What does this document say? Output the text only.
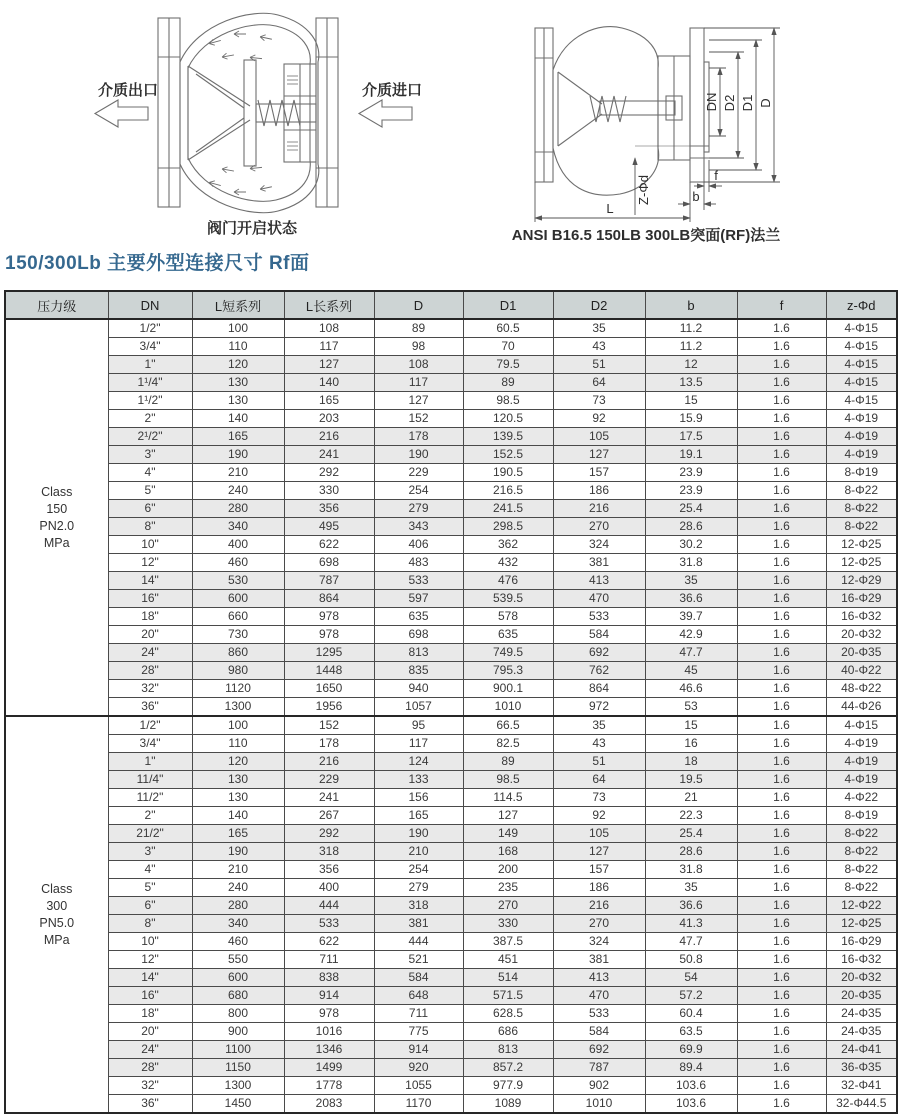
介质出口	介质进口
阀门开启状态
DN D2 D1 D
Z-Φd	b
f
L
ANSI B16.5 150LB 300LB突面(RF)法兰
150/300Lb 主要外型连接尺寸 Rf面
压力级	DN	L短系列	L长系列	D	D1	D2	b	f	z-Φd

Class
150
PN2.0
MPa	1/2"	100	108	89	60.5	35	11.2	1.6	4-Φ15
	3/4"	110	117	98	70	43	11.2	1.6	4-Φ15
	1"	120	127	108	79.5	51	12	1.6	4-Φ15
	1¹/4"	130	140	117	89	64	13.5	1.6	4-Φ15
	1¹/2"	130	165	127	98.5	73	15	1.6	4-Φ15
	2"	140	203	152	120.5	92	15.9	1.6	4-Φ19
	2¹/2"	165	216	178	139.5	105	17.5	1.6	4-Φ19
	3"	190	241	190	152.5	127	19.1	1.6	4-Φ19
	4"	210	292	229	190.5	157	23.9	1.6	8-Φ19
	5"	240	330	254	216.5	186	23.9	1.6	8-Φ22
	6"	280	356	279	241.5	216	25.4	1.6	8-Φ22
	8"	340	495	343	298.5	270	28.6	1.6	8-Φ22
	10"	400	622	406	362	324	30.2	1.6	12-Φ25
	12"	460	698	483	432	381	31.8	1.6	12-Φ25
	14"	530	787	533	476	413	35	1.6	12-Φ29
	16"	600	864	597	539.5	470	36.6	1.6	16-Φ29
	18"	660	978	635	578	533	39.7	1.6	16-Φ32
	20"	730	978	698	635	584	42.9	1.6	20-Φ32
	24"	860	1295	813	749.5	692	47.7	1.6	20-Φ35
	28"	980	1448	835	795.3	762	45	1.6	40-Φ22
	32"	1120	1650	940	900.1	864	46.6	1.6	48-Φ22
	36"	1300	1956	1057	1010	972	53	1.6	44-Φ26

Class
300
PN5.0
MPa	1/2"	100	152	95	66.5	35	15	1.6	4-Φ15
	3/4"	110	178	117	82.5	43	16	1.6	4-Φ19
	1"	120	216	124	89	51	18	1.6	4-Φ19
	11/4"	130	229	133	98.5	64	19.5	1.6	4-Φ19
	11/2"	130	241	156	114.5	73	21	1.6	4-Φ22
	2"	140	267	165	127	92	22.3	1.6	8-Φ19
	21/2"	165	292	190	149	105	25.4	1.6	8-Φ22
	3"	190	318	210	168	127	28.6	1.6	8-Φ22
	4"	210	356	254	200	157	31.8	1.6	8-Φ22
	5"	240	400	279	235	186	35	1.6	8-Φ22
	6"	280	444	318	270	216	36.6	1.6	12-Φ22
	8"	340	533	381	330	270	41.3	1.6	12-Φ25
	10"	460	622	444	387.5	324	47.7	1.6	16-Φ29
	12"	550	711	521	451	381	50.8	1.6	16-Φ32
	14"	600	838	584	514	413	54	1.6	20-Φ32
	16"	680	914	648	571.5	470	57.2	1.6	20-Φ35
	18"	800	978	711	628.5	533	60.4	1.6	24-Φ35
	20"	900	1016	775	686	584	63.5	1.6	24-Φ35
	24"	1100	1346	914	813	692	69.9	1.6	24-Φ41
	28"	1150	1499	920	857.2	787	89.4	1.6	36-Φ35
	32"	1300	1778	1055	977.9	902	103.6	1.6	32-Φ41
	36"	1450	2083	1170	1089	1010	103.6	1.6	32-Φ44.5
